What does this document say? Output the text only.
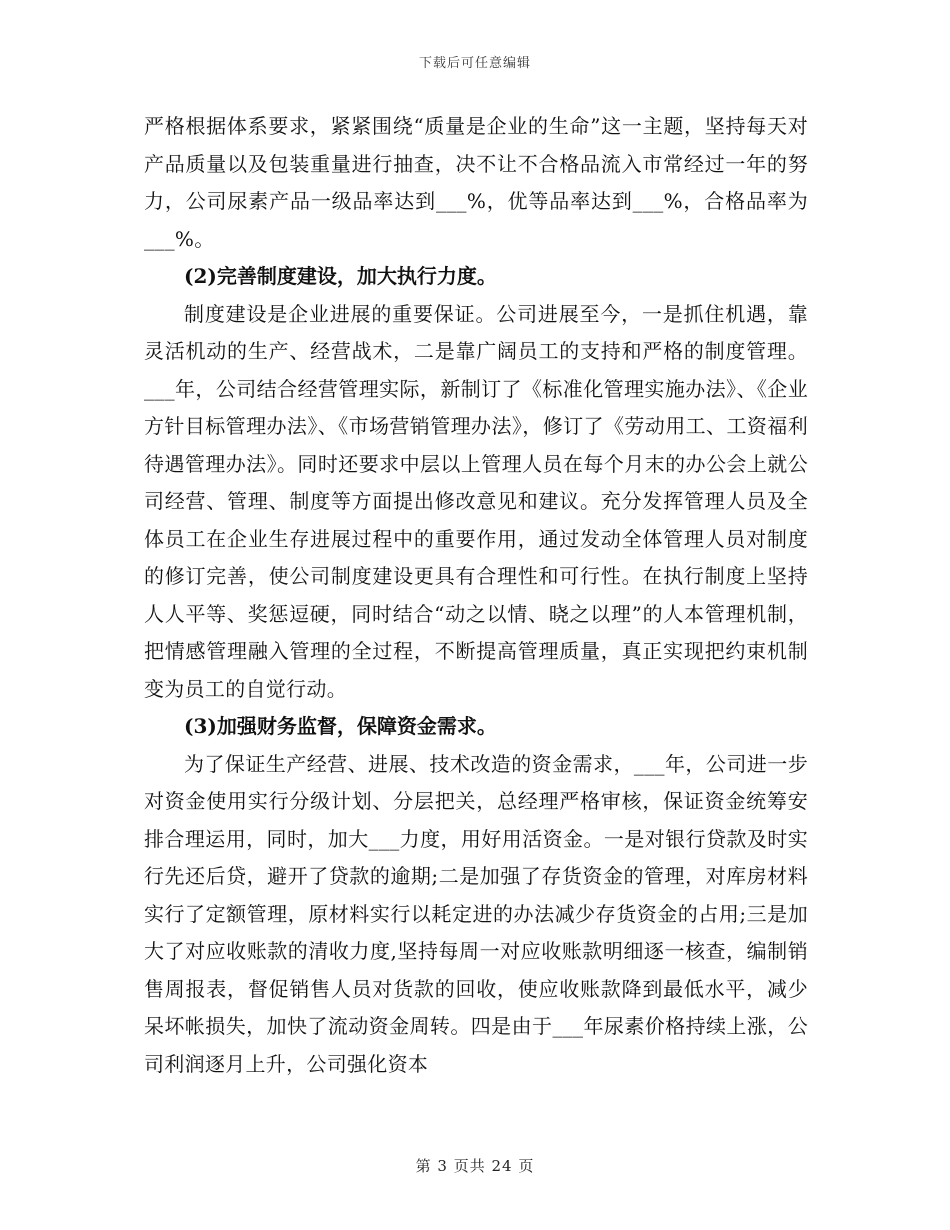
下载后可任意编辑

严格根据体系要求，紧紧围绕“质量是企业的生命”这一主题，坚持每天对产品质量以及包装重量进行抽查，决不让不合格品流入市常经过一年的努力，公司尿素产品一级品率达到___%，优等品率达到___%，合格品率为___%。

(2)完善制度建设，加大执行力度。

制度建设是企业进展的重要保证。公司进展至今，一是抓住机遇，靠灵活机动的生产、经营战术，二是靠广阔员工的支持和严格的制度管理。___年，公司结合经营管理实际，新制订了《标准化管理实施办法》、《企业方针目标管理办法》、《市场营销管理办法》，修订了《劳动用工、工资福利待遇管理办法》。同时还要求中层以上管理人员在每个月末的办公会上就公司经营、管理、制度等方面提出修改意见和建议。充分发挥管理人员及全体员工在企业生存进展过程中的重要作用，通过发动全体管理人员对制度的修订完善，使公司制度建设更具有合理性和可行性。在执行制度上坚持人人平等、奖惩逗硬，同时结合“动之以情、晓之以理”的人本管理机制，把情感管理融入管理的全过程，不断提高管理质量，真正实现把约束机制变为员工的自觉行动。

(3)加强财务监督，保障资金需求。

为了保证生产经营、进展、技术改造的资金需求，___年，公司进一步对资金使用实行分级计划、分层把关，总经理严格审核，保证资金统筹安排合理运用，同时，加大___力度，用好用活资金。一是对银行贷款及时实行先还后贷，避开了贷款的逾期;二是加强了存货资金的管理，对库房材料实行了定额管理，原材料实行以耗定进的办法减少存货资金的占用;三是加大了对应收账款的清收力度,坚持每周一对应收账款明细逐一核查，编制销售周报表，督促销售人员对货款的回收，使应收账款降到最低水平，减少呆坏帐损失，加快了流动资金周转。四是由于___年尿素价格持续上涨，公司利润逐月上升，公司强化资本

第 3 页共 24 页
